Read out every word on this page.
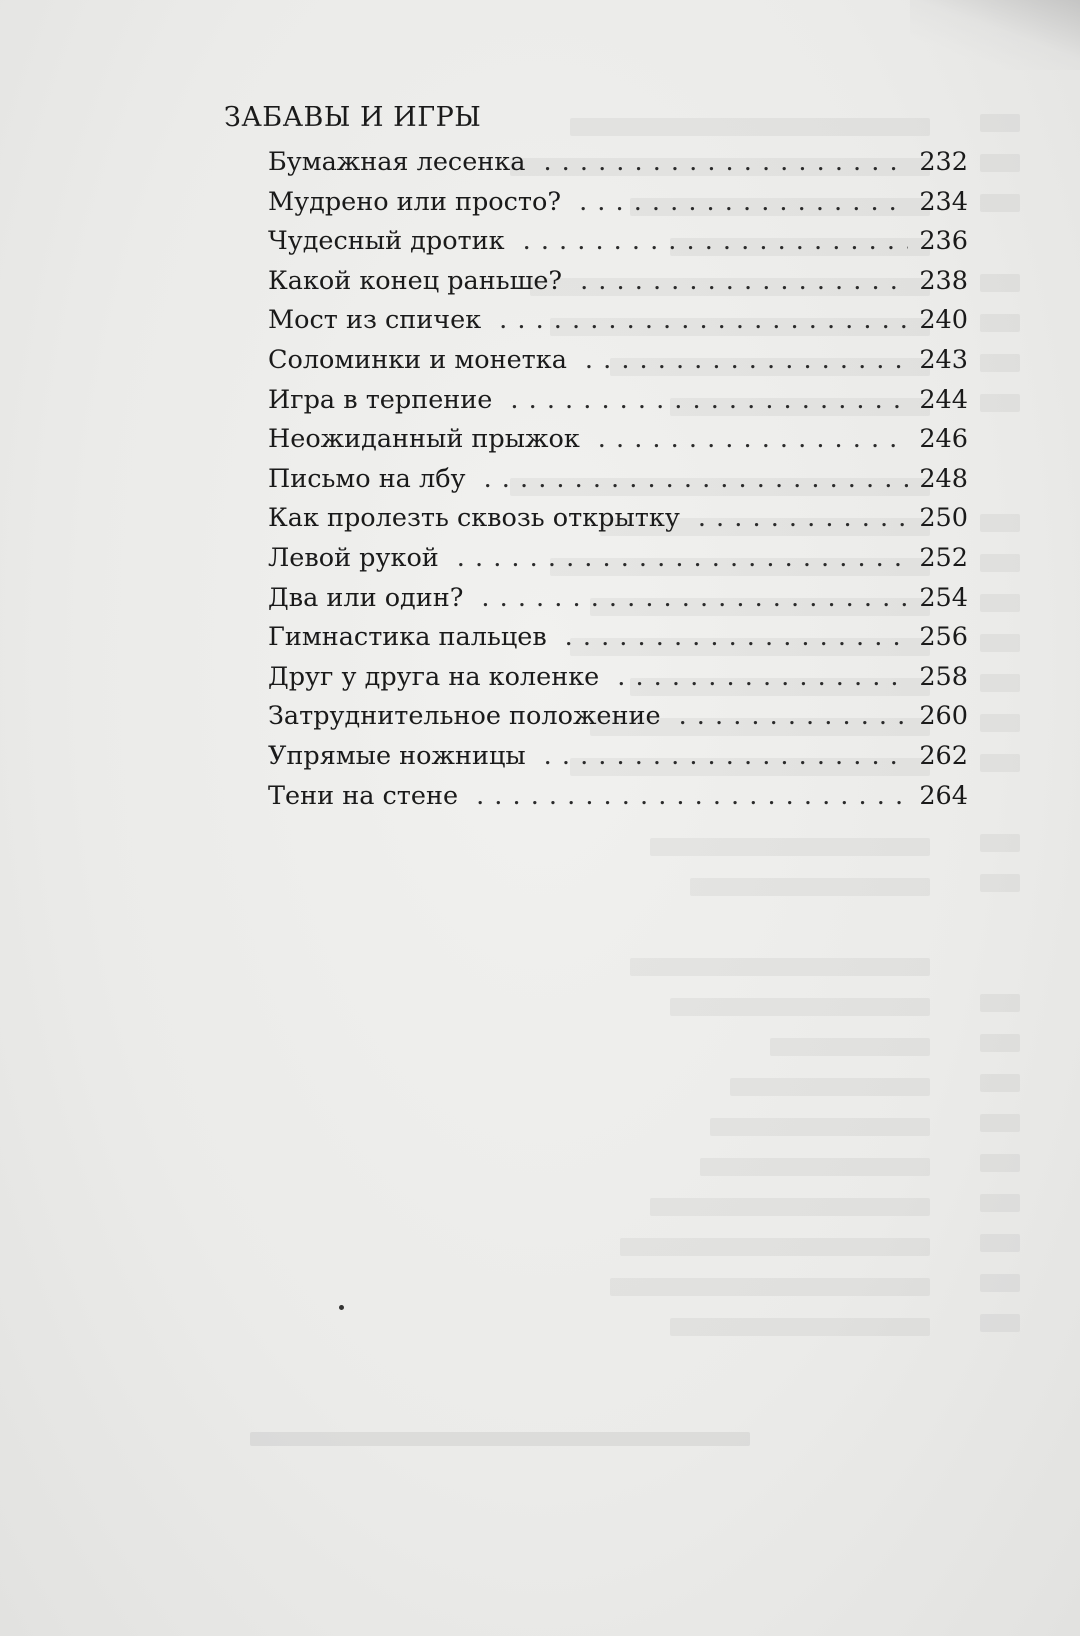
ЗАБАВЫ И ИГРЫ
Бумажная лесенка . . .	232
Мудрено или просто? . . .	234
Чудесный дротик . . .	236
Какой конец раньше? . . .	238
Мост из спичек . . .	240
Соломинки и монетка . . .	243
Игра в терпение . . .	244
Неожиданный прыжок . . .	246
Письмо на лбу . . .	248
Как пролезть сквозь открытку . . .	250
Левой рукой . . .	252
Два или один? . . .	254
Гимнастика пальцев . . .	256
Друг у друга на коленке . . .	258
Затруднительное положение . . .	260
Упрямые ножницы . . .	262
Тени на стене . . .	264
